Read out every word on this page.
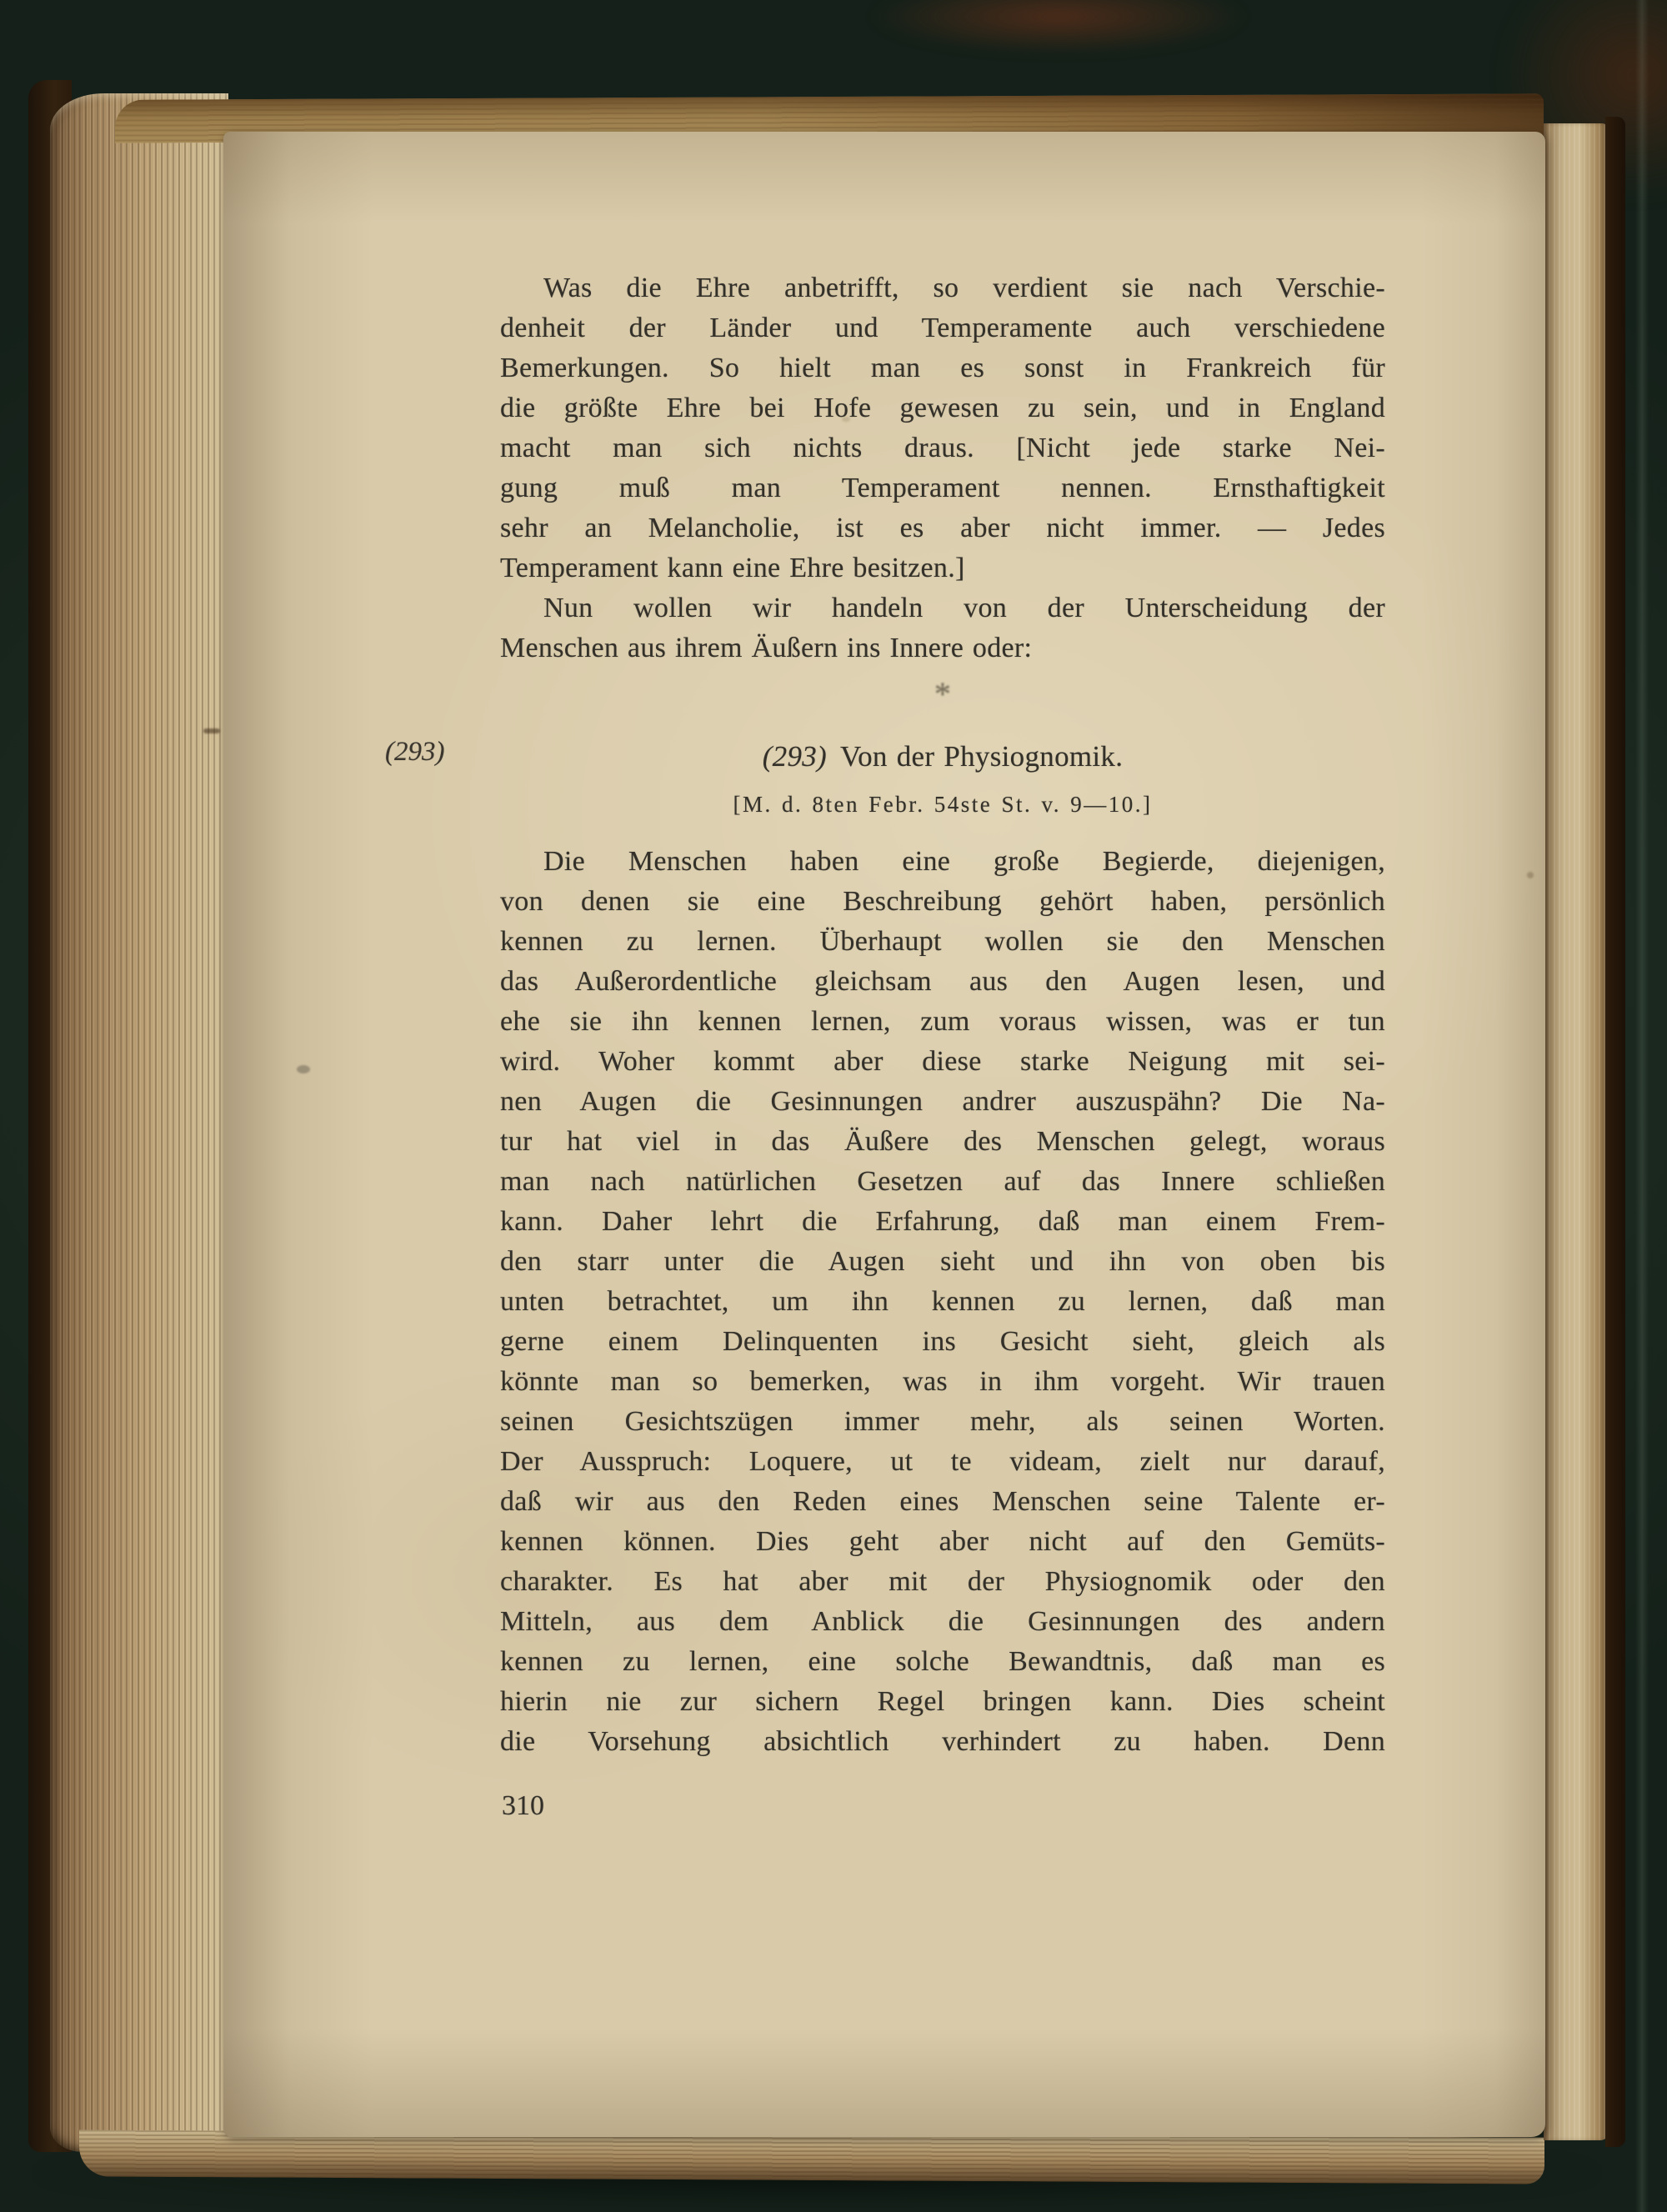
(293)
Was die Ehre anbetrifft, so verdient sie nach Verschie-
denheit der Länder und Temperamente auch verschiedene
Bemerkungen. So hielt man es sonst in Frankreich für
die größte Ehre bei Hofe gewesen zu sein, und in England
macht man sich nichts draus. [Nicht jede starke Nei-
gung muß man Temperament nennen. Ernsthaftigkeit
sehr an Melancholie, ist es aber nicht immer. — Jedes
Temperament kann eine Ehre besitzen.]
Nun wollen wir handeln von der Unterscheidung der
Menschen aus ihrem Äußern ins Innere oder:
*
(293) Von der Physiognomik.
[M. d. 8ten Febr. 54ste St. v. 9—10.]
Die Menschen haben eine große Begierde, diejenigen,
von denen sie eine Beschreibung gehört haben, persönlich
kennen zu lernen. Überhaupt wollen sie den Menschen
das Außerordentliche gleichsam aus den Augen lesen, und
ehe sie ihn kennen lernen, zum voraus wissen, was er tun
wird. Woher kommt aber diese starke Neigung mit sei-
nen Augen die Gesinnungen andrer auszuspähn? Die Na-
tur hat viel in das Äußere des Menschen gelegt, woraus
man nach natürlichen Gesetzen auf das Innere schließen
kann. Daher lehrt die Erfahrung, daß man einem Frem-
den starr unter die Augen sieht und ihn von oben bis
unten betrachtet, um ihn kennen zu lernen, daß man
gerne einem Delinquenten ins Gesicht sieht, gleich als
könnte man so bemerken, was in ihm vorgeht. Wir trauen
seinen Gesichtszügen immer mehr, als seinen Worten.
Der Ausspruch: Loquere, ut te videam, zielt nur darauf,
daß wir aus den Reden eines Menschen seine Talente er-
kennen können. Dies geht aber nicht auf den Gemüts-
charakter. Es hat aber mit der Physiognomik oder den
Mitteln, aus dem Anblick die Gesinnungen des andern
kennen zu lernen, eine solche Bewandtnis, daß man es
hierin nie zur sichern Regel bringen kann. Dies scheint
die Vorsehung absichtlich verhindert zu haben. Denn
310
